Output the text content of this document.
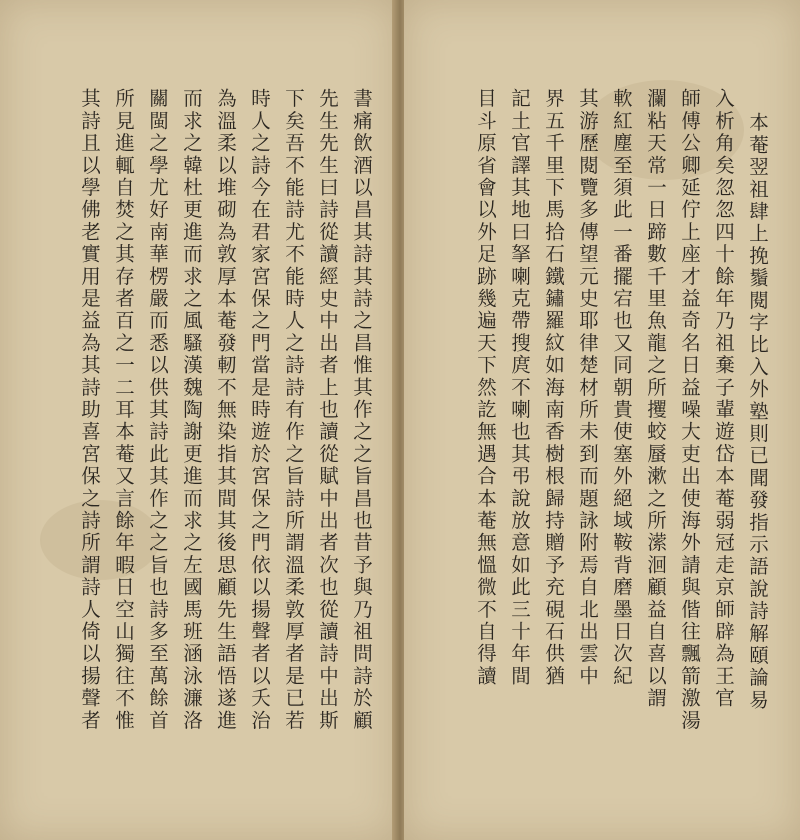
書痛飲酒以昌其詩其詩之昌惟其作之之旨昌也昔予與乃祖問詩於顧
先生先生曰詩從讀經史中出者上也讀從賦中出者次也從讀詩中出斯
下矣吾不能詩尤不能時人之詩詩有作之旨詩所謂溫柔敦厚者是已若
時人之詩今在君家宮保之門當是時遊於宮保之門依以揚聲者以夭治
為溫柔以堆砌為敦厚本菴發軔不無染指其間其後思顧先生語悟遂進
而求之韓杜更進而求之風騷漢魏陶謝更進而求之左國馬班涵泳濂洛
關閩之學尤好南華楞嚴而悉以供其詩此其作之之旨也詩多至萬餘首
所見進輒自焚之其存者百之一二耳本菴又言餘年暇日空山獨往不惟
其詩且以學佛老實用是益為其詩助喜宮保之詩所謂詩人倚以揚聲者	本菴翌祖肆上挽鬚閱字比入外塾則已聞發指示語說詩解頤論易
入析角矣忽忽四十餘年乃祖棄子輩遊岱本菴弱冠走京師辟為王官
師傅公卿延佇上座才益奇名日益噪大吏出使海外請與偕往飄箭激湯
瀾粘天常一日蹄數千里魚龍之所攫蛟蜃漱之所潆洄顧益自喜以謂
軟紅塵至須此一番擺宕也又同朝貴使塞外絕域鞍背磨墨日次紀
其游歷閱覽多傳望元史耶律楚材所未到而題詠附焉自北出雲中
界五千里下馬拾石鐵鏽羅紋如海南香樹根歸持贈予充硯石供猶
記土官譯其地曰拏喇克帶搜庹不喇也其弔說放意如此三十年間
目斗原省會以外足跡幾遍天下然訖無遇合本菴無慍微不自得讀
